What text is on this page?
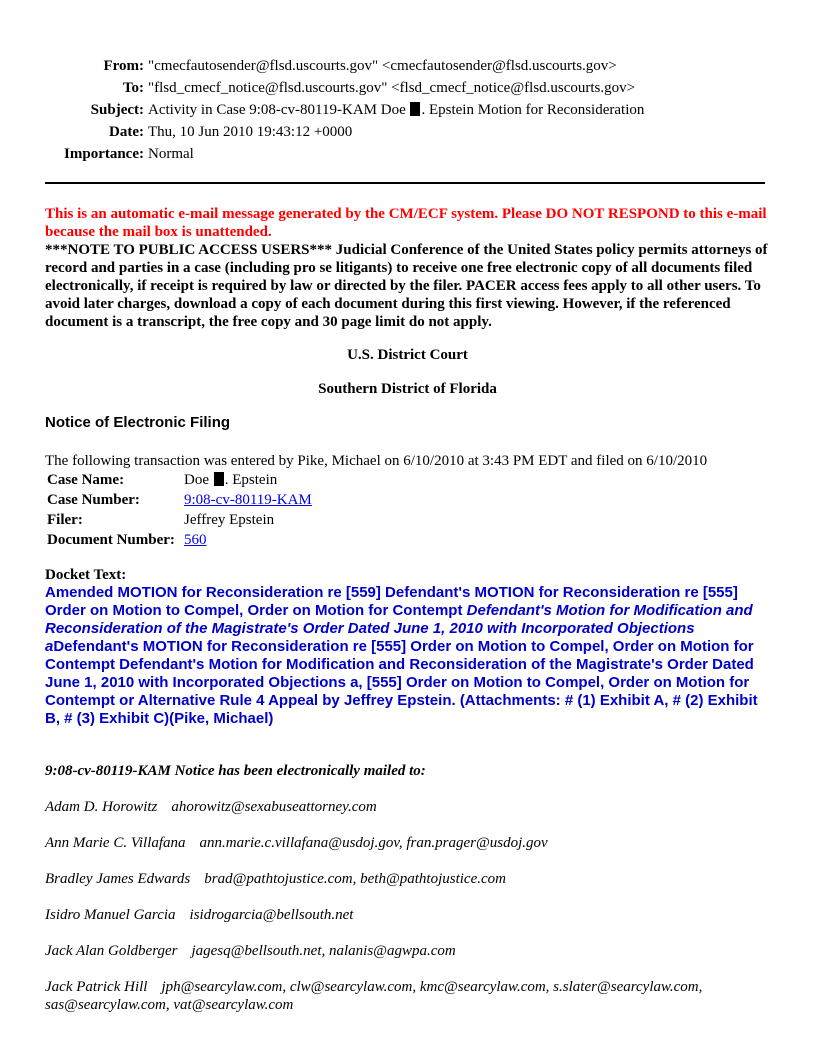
From: "cmecfautosender@flsd.uscourts.gov" <cmecfautosender@flsd.uscourts.gov>
To: "flsd_cmecf_notice@flsd.uscourts.gov" <flsd_cmecf_notice@flsd.uscourts.gov>
Subject: Activity in Case 9:08-cv-80119-KAM Doe . Epstein Motion for Reconsideration
Date: Thu, 10 Jun 2010 19:43:12 +0000
Importance: Normal
This is an automatic e-mail message generated by the CM/ECF system. Please DO NOT RESPOND to this e-mail because the mail box is unattended.
***NOTE TO PUBLIC ACCESS USERS*** Judicial Conference of the United States policy permits attorneys of record and parties in a case (including pro se litigants) to receive one free electronic copy of all documents filed electronically, if receipt is required by law or directed by the filer. PACER access fees apply to all other users. To avoid later charges, download a copy of each document during this first viewing. However, if the referenced document is a transcript, the free copy and 30 page limit do not apply.
U.S. District Court
Southern District of Florida
Notice of Electronic Filing
The following transaction was entered by Pike, Michael on 6/10/2010 at 3:43 PM EDT and filed on 6/10/2010
Case Name:	Doe . Epstein
Case Number:	9:08-cv-80119-KAM
Filer:	Jeffrey Epstein
Document Number:	560
Docket Text:
Amended MOTION for Reconsideration re [559] Defendant's MOTION for Reconsideration re [555] Order on Motion to Compel, Order on Motion for Contempt Defendant's Motion for Modification and Reconsideration of the Magistrate's Order Dated June 1, 2010 with Incorporated Objections aDefendant's MOTION for Reconsideration re [555] Order on Motion to Compel, Order on Motion for Contempt Defendant's Motion for Modification and Reconsideration of the Magistrate's Order Dated June 1, 2010 with Incorporated Objections a, [555] Order on Motion to Compel, Order on Motion for Contempt or Alternative Rule 4 Appeal by Jeffrey Epstein. (Attachments: # (1) Exhibit A, # (2) Exhibit B, # (3) Exhibit C)(Pike, Michael)
9:08-cv-80119-KAM Notice has been electronically mailed to:
Adam D. Horowitz ahorowitz@sexabuseattorney.com
Ann Marie C. Villafana ann.marie.c.villafana@usdoj.gov, fran.prager@usdoj.gov
Bradley James Edwards brad@pathtojustice.com, beth@pathtojustice.com
Isidro Manuel Garcia isidrogarcia@bellsouth.net
Jack Alan Goldberger jagesq@bellsouth.net, nalanis@agwpa.com
Jack Patrick Hill jph@searcylaw.com, clw@searcylaw.com, kmc@searcylaw.com, s.slater@searcylaw.com, sas@searcylaw.com, vat@searcylaw.com
